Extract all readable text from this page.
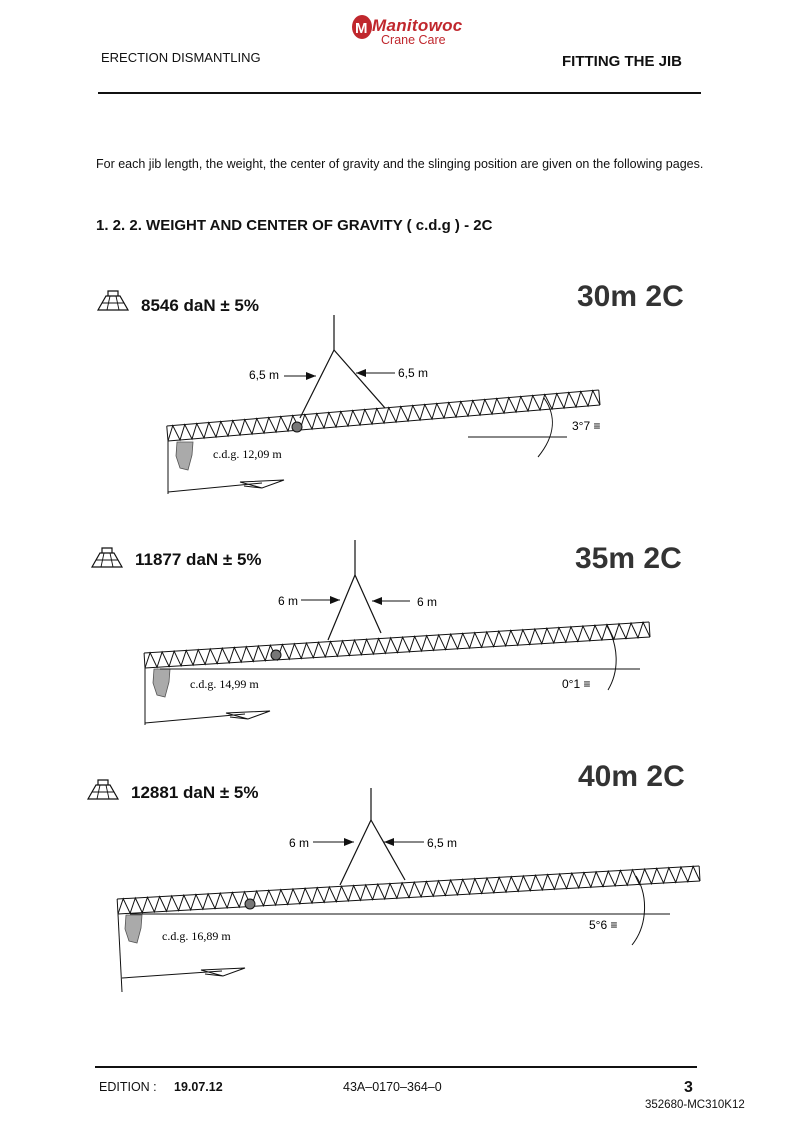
M Manitowoc
Crane Care
ERECTION DISMANTLING	FITTING THE JIB
For each jib length, the weight, the center of gravity and the slinging position are given on the following pages.
1. 2. 2. WEIGHT AND CENTER OF GRAVITY ( c.d.g ) - 2C
8546 daN ± 5%	30m 2C
6,5 m	6,5 m
c.d.g. 12,09 m
3°7 ≡
11877 daN ± 5%	35m 2C
6 m	6 m
c.d.g. 14,99 m	0°1 ≡
12881 daN ± 5%	40m 2C
6 m	6,5 m
c.d.g. 16,89 m
5°6 ≡
EDITION : 19.07.12	43A–0170–364–0	3
352680-MC310K12
